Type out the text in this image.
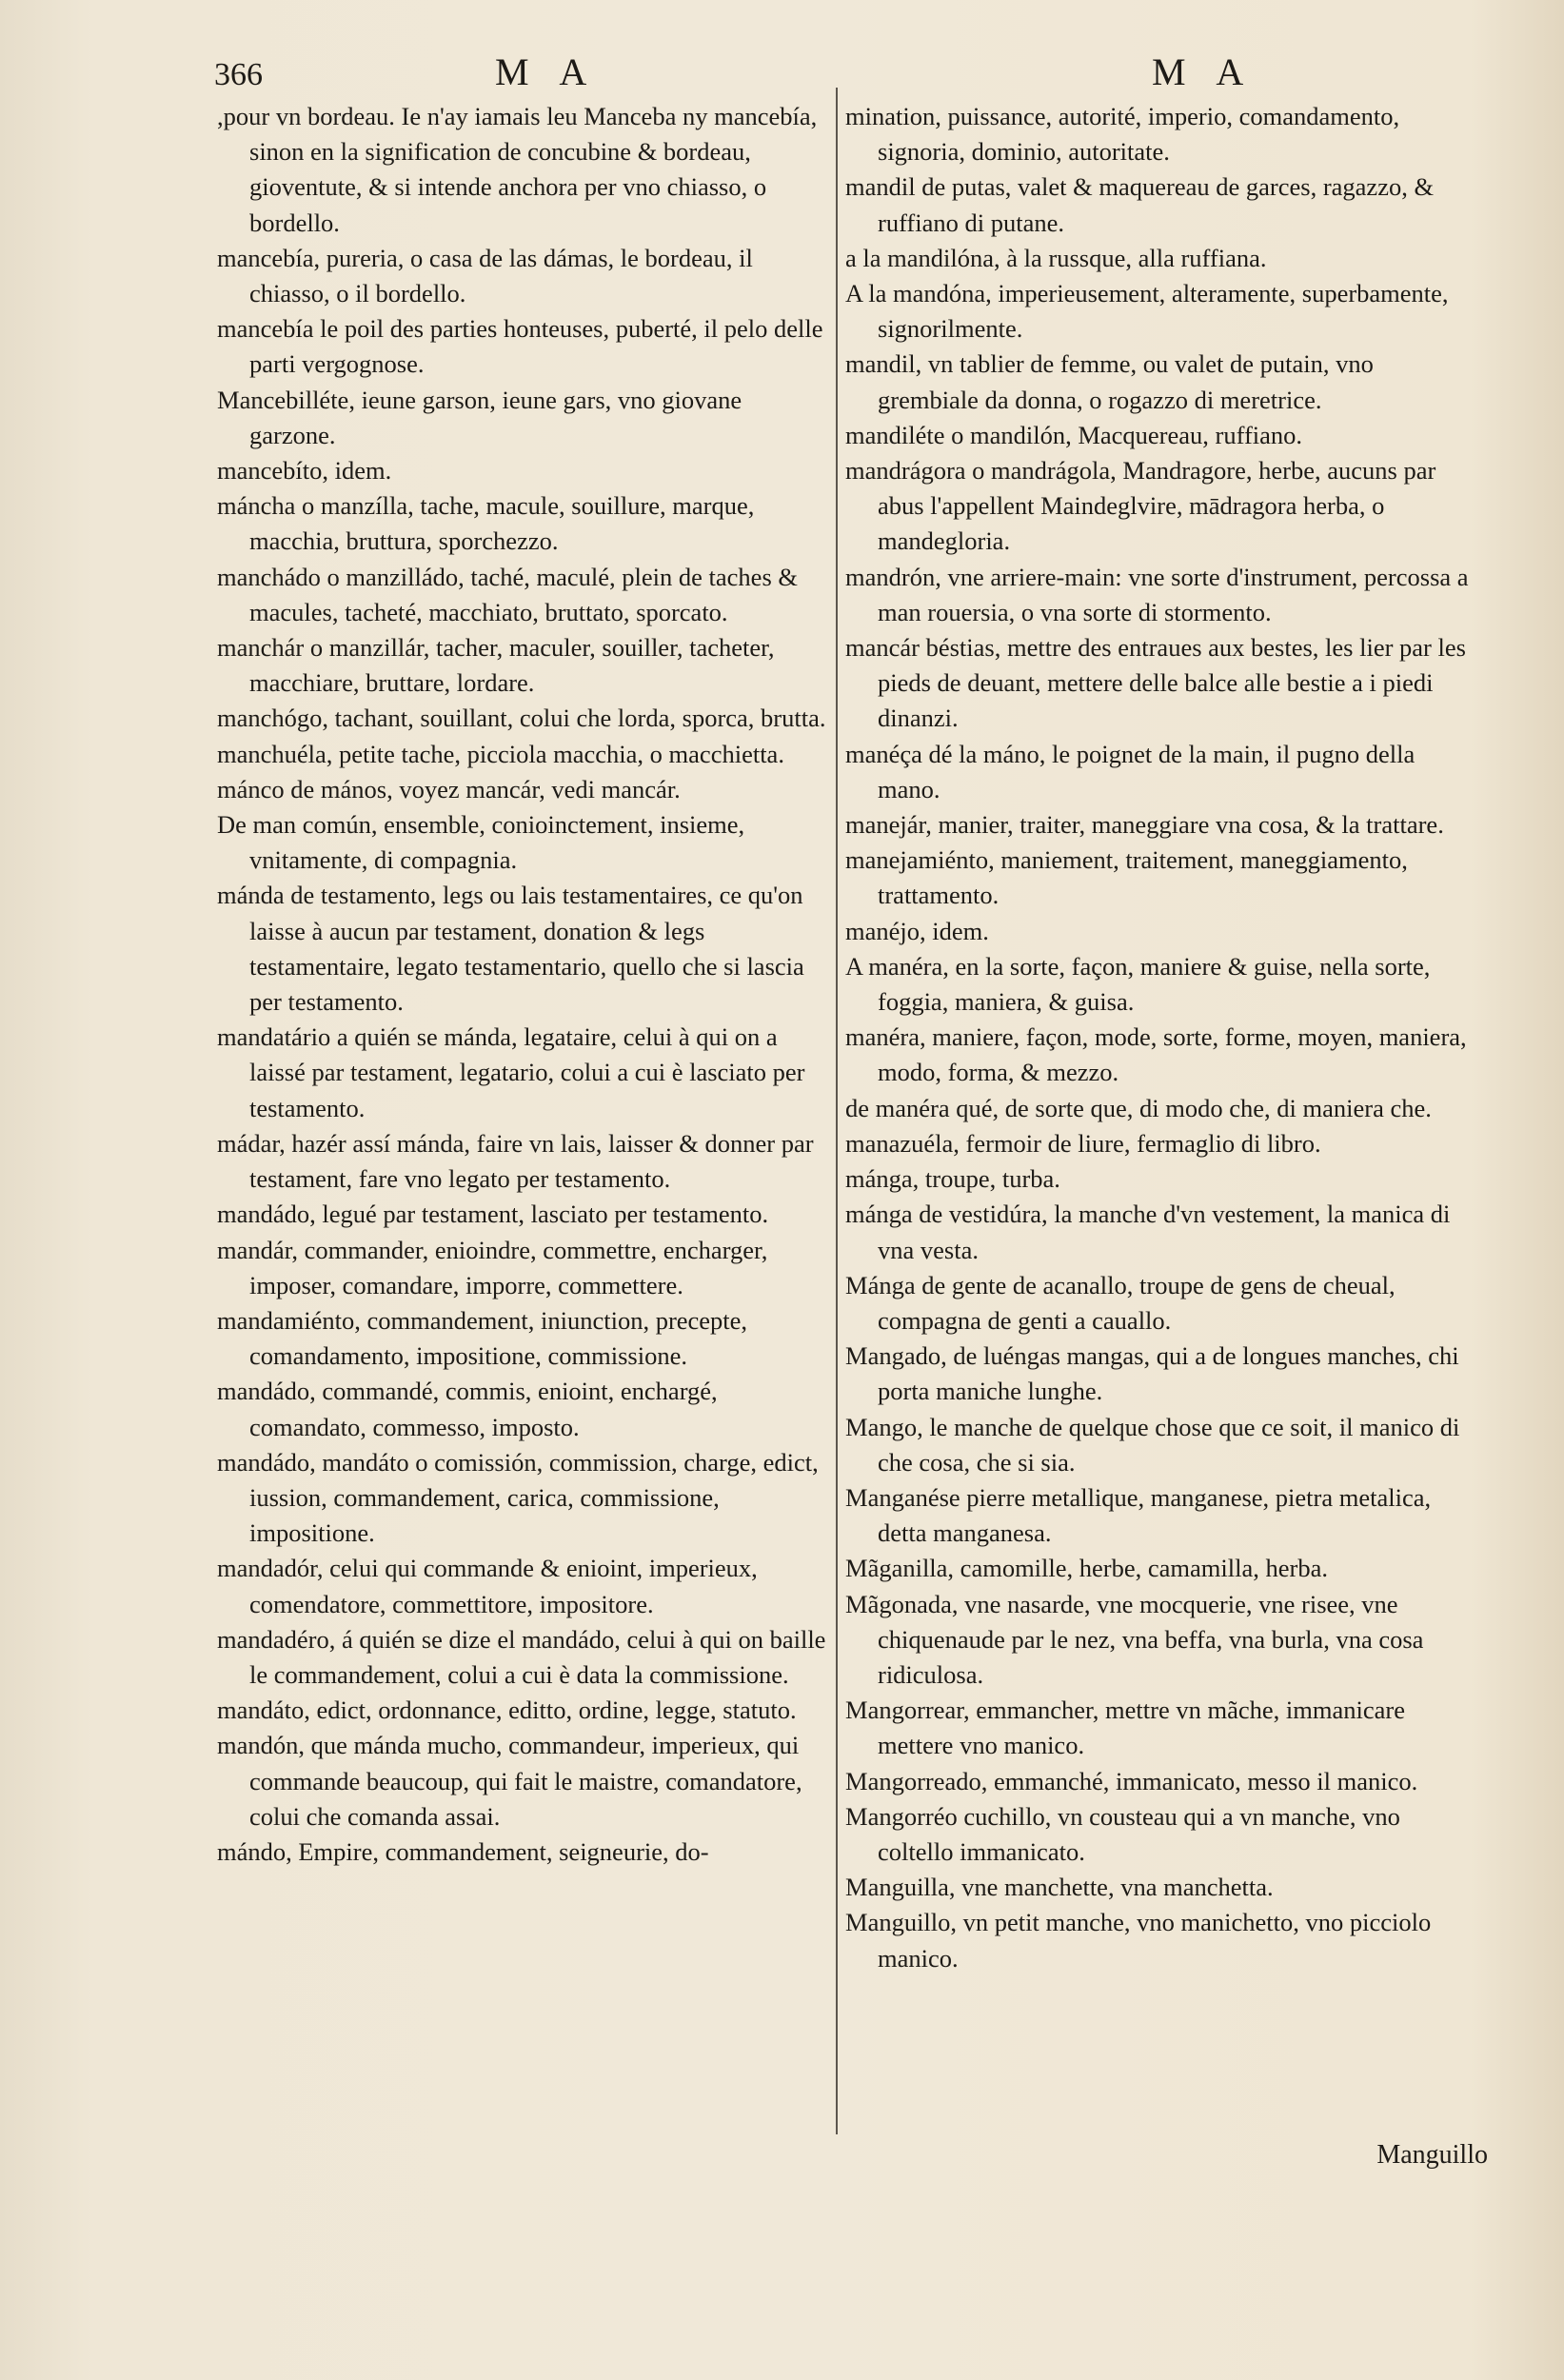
366	M A	M A

,pour vn bordeau. Ie n'ay iamais leu Manceba ny mancebía, sinon en la signification de concubine & bordeau, gioventute, & si intende anchora per vno chiasso, o bordello.

mancebía, pureria, o casa de las dámas, le bordeau, il chiasso, o il bordello.

mancebía le poil des parties honteuses, puberté, il pelo delle parti vergognose.

Mancebilléte, ieune garson, ieune gars, vno giovane garzone.

mancebíto, idem.

máncha o manzílla, tache, macule, souillure, marque, macchia, bruttura, sporchezzo.

manchádo o manzilládo, taché, maculé, plein de taches & macules, tacheté, macchiato, bruttato, sporcato.

manchár o manzillár, tacher, maculer, souiller, tacheter, macchiare, bruttare, lordare.

manchógo, tachant, souillant, colui che lorda, sporca, brutta.

manchuéla, petite tache, picciola macchia, o macchietta.

mánco de mános, voyez mancár, vedi mancár.

De man común, ensemble, conioinctement, insieme, vnitamente, di compagnia.

mánda de testamento, legs ou lais testamentaires, ce qu'on laisse à aucun par testament, donation & legs testamentaire, legato testamentario, quello che si lascia per testamento.

mandatário a quién se mánda, legataire, celui à qui on a laissé par testament, legatario, colui a cui è lasciato per testamento.

mádar, hazér assí mánda, faire vn lais, laisser & donner par testament, fare vno legato per testamento.

mandádo, legué par testament, lasciato per testamento.

mandár, commander, enioindre, commettre, encharger, imposer, comandare, imporre, commettere.

mandamiénto, commandement, iniunction, precepte, comandamento, impositione, commissione.

mandádo, commandé, commis, enioint, enchargé, comandato, commesso, imposto.

mandádo, mandáto o comissión, commission, charge, edict, iussion, commandement, carica, commissione, impositione.

mandadór, celui qui commande & enioint, imperieux, comendatore, commettitore, impositore.

mandadéro, á quién se dize el mandádo, celui à qui on baille le commandement, colui a cui è data la commissione.

mandáto, edict, ordonnance, editto, ordine, legge, statuto.

mandón, que mánda mucho, commandeur, imperieux, qui commande beaucoup, qui fait le maistre, comandatore, colui che comanda assai.

mándo, Empire, commandement, seigneurie, do-

mination, puissance, autorité, imperio, comandamento, signoria, dominio, autoritate.

mandil de putas, valet & maquereau de garces, ragazzo, & ruffiano di putane.

a la mandilóna, à la russque, alla ruffiana.

A la mandóna, imperieusement, alteramente, superbamente, signorilmente.

mandil, vn tablier de femme, ou valet de putain, vno grembiale da donna, o rogazzo di meretrice.

mandiléte o mandilón, Macquereau, ruffiano.

mandrágora o mandrágola, Mandragore, herbe, aucuns par abus l'appellent Maindeglvire, mādragora herba, o mandegloria.

mandrón, vne arriere-main: vne sorte d'instrument, percossa a man rouersia, o vna sorte di stormento.

mancár béstias, mettre des entraues aux bestes, les lier par les pieds de deuant, mettere delle balce alle bestie a i piedi dinanzi.

manéça dé la máno, le poignet de la main, il pugno della mano.

manejár, manier, traiter, maneggiare vna cosa, & la trattare.

manejamiénto, maniement, traitement, maneggiamento, trattamento.

manéjo, idem.

A manéra, en la sorte, façon, maniere & guise, nella sorte, foggia, maniera, & guisa.

manéra, maniere, façon, mode, sorte, forme, moyen, maniera, modo, forma, & mezzo.

de manéra qué, de sorte que, di modo che, di maniera che.

manazuéla, fermoir de liure, fermaglio di libro.

mánga, troupe, turba.

mánga de vestidúra, la manche d'vn vestement, la manica di vna vesta.

Mánga de gente de acanallo, troupe de gens de cheual, compagna de genti a cauallo.

Mangado, de luéngas mangas, qui a de longues manches, chi porta maniche lunghe.

Mango, le manche de quelque chose que ce soit, il manico di che cosa, che si sia.

Manganése pierre metallique, manganese, pietra metalica, detta manganesa.

Mãganilla, camomille, herbe, camamilla, herba.

Mãgonada, vne nasarde, vne mocquerie, vne risee, vne chiquenaude par le nez, vna beffa, vna burla, vna cosa ridiculosa.

Mangorrear, emmancher, mettre vn mãche, immanicare mettere vno manico.

Mangorreado, emmanché, immanicato, messo il manico.

Mangorréo cuchillo, vn cousteau qui a vn manche, vno coltello immanicato.

Manguilla, vne manchette, vna manchetta.

Manguillo, vn petit manche, vno manichetto, vno picciolo manico.

Manguillo
